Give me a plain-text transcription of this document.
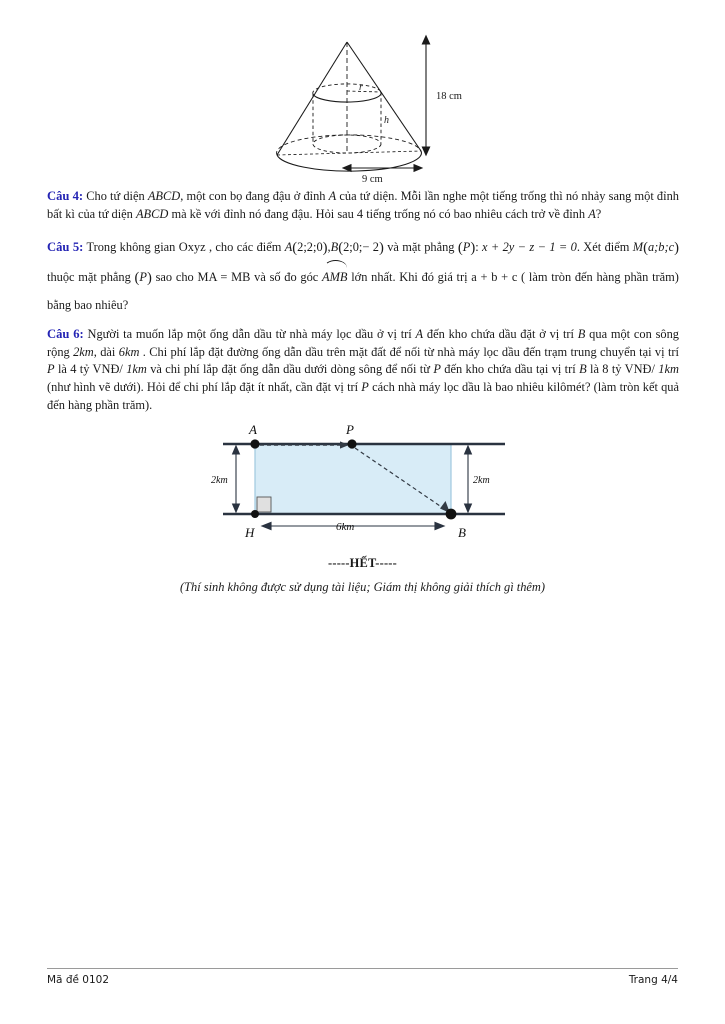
r
h
18 cm
9 cm
Câu 4: Cho tứ diện ABCD, một con bọ đang đậu ở đỉnh A của tứ diện. Mỗi lần nghe một tiếng trống thì nó nhảy sang một đỉnh bất kì của tứ diện ABCD mà kề với đỉnh nó đang đậu. Hỏi sau 4 tiếng trống nó có bao nhiêu cách trở về đỉnh A?
Câu 5: Trong không gian Oxyz , cho các điểm A(2;2;0),B(2;0;− 2) và mặt phẳng (P): x + 2y − z − 1 = 0. Xét điểm M(a;b;c) thuộc mặt phẳng (P) sao cho MA = MB và số đo góc AMB lớn nhất. Khi đó giá trị a + b + c ( làm tròn đến hàng phần trăm) bằng bao nhiêu?
Câu 6: Người ta muốn lắp một ống dẫn dầu từ nhà máy lọc dầu ở vị trí A đến kho chứa dầu đặt ở vị trí B qua một con sông rộng 2km, dài 6km . Chi phí lắp đặt đường ống dẫn dầu trên mặt đất để nối từ nhà máy lọc dầu đến trạm trung chuyển tại vị trí P là 4 tỷ VNĐ/ 1km và chi phí lắp đặt ống dẫn dầu dưới dòng sông để nối từ P đến kho chứa dầu tại vị trí B là 8 tỷ VNĐ/ 1km (như hình vẽ dưới). Hỏi để chi phí lắp đặt ít nhất, cần đặt vị trí P cách nhà máy lọc dầu là bao nhiêu kilômét? (làm tròn kết quả đến hàng phần trăm).
A	P
H	B
2km	2km
6km
-----HẾT-----
(Thí sinh không được sử dụng tài liệu; Giám thị không giải thích gì thêm)
Mã đề 0102	Trang 4/4
